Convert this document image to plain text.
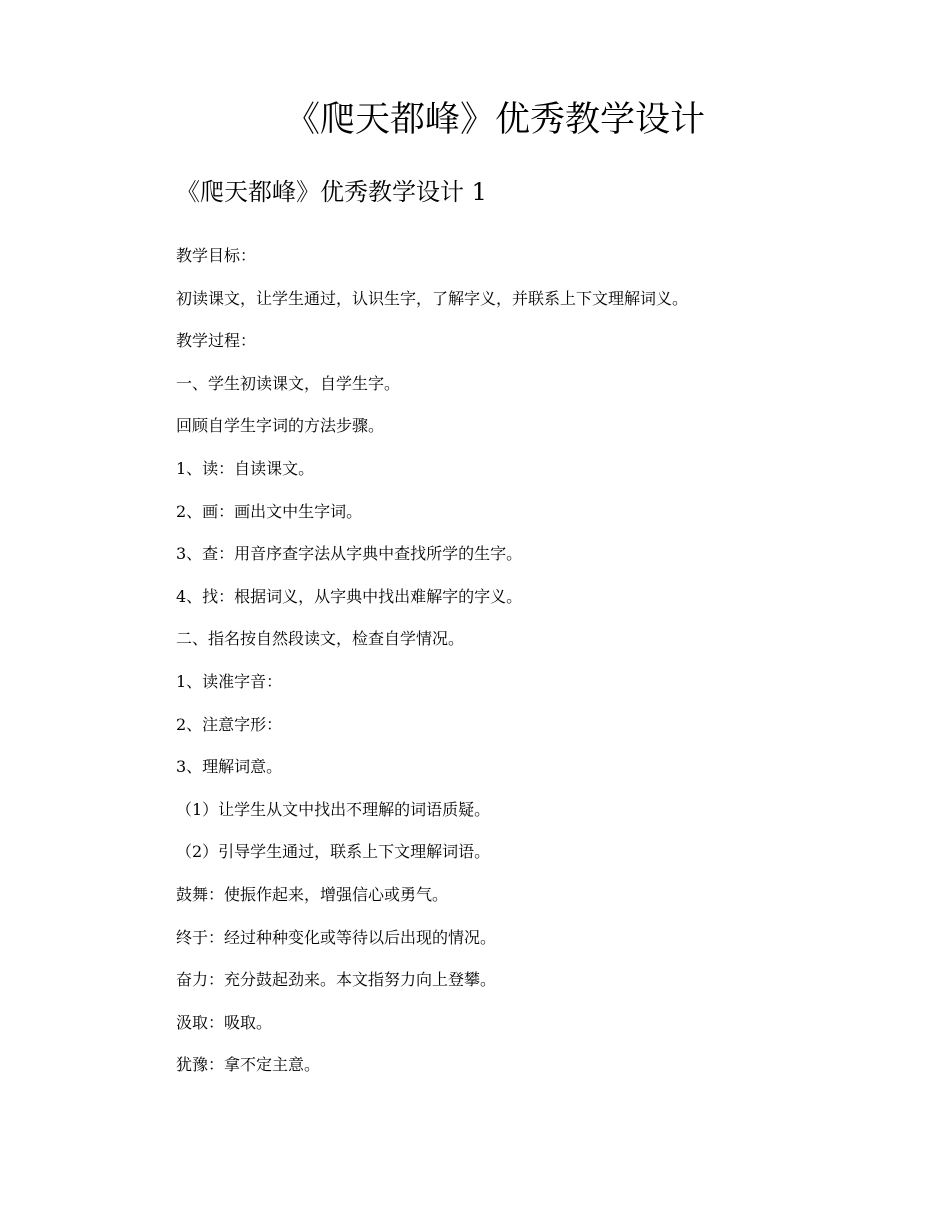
《爬天都峰》优秀教学设计
《爬天都峰》优秀教学设计 1
教学目标：
初读课文，让学生通过，认识生字，了解字义，并联系上下文理解词义。
教学过程：
一、学生初读课文，自学生字。
回顾自学生字词的方法步骤。
1、读：自读课文。
2、画：画出文中生字词。
3、查：用音序查字法从字典中查找所学的生字。
4、找：根据词义，从字典中找出难解字的字义。
二、指名按自然段读文，检查自学情况。
1、读准字音：
2、注意字形：
3、理解词意。
（1）让学生从文中找出不理解的词语质疑。
（2）引导学生通过，联系上下文理解词语。
鼓舞：使振作起来，增强信心或勇气。
终于：经过种种变化或等待以后出现的情况。
奋力：充分鼓起劲来。本文指努力向上登攀。
汲取：吸取。
犹豫：拿不定主意。
